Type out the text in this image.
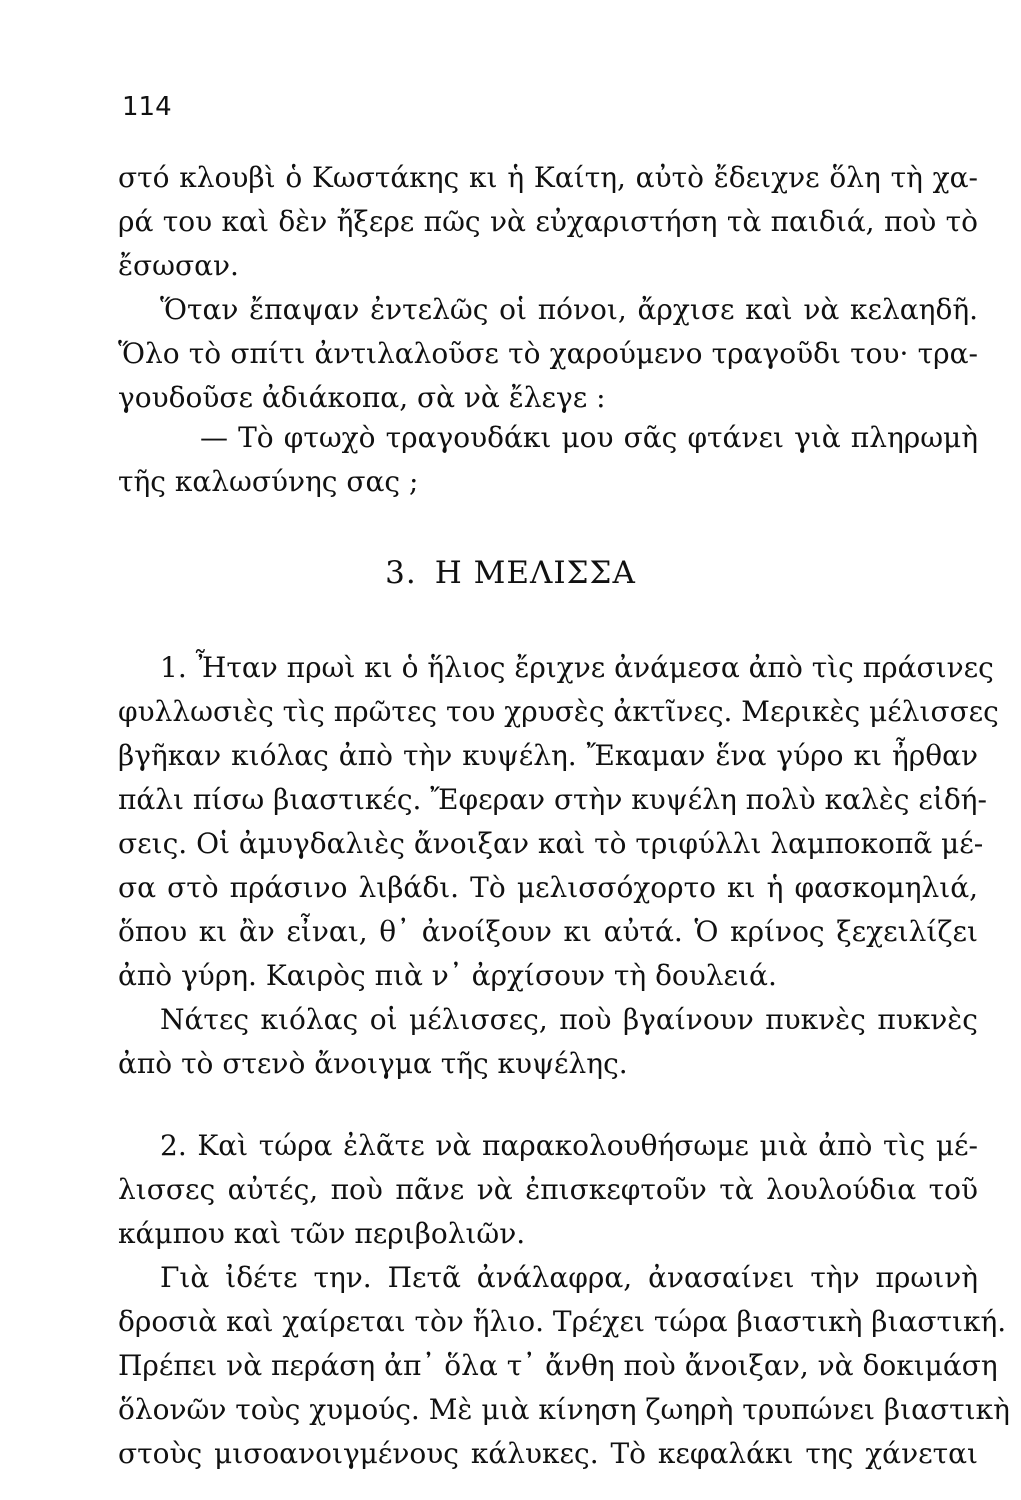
114
στό κλουβὶ ὁ Κωστάκης κι ἡ Καίτη, αὐτὸ ἔδειχνε ὅλη τὴ χα-
ρά του καὶ δὲν ἤξερε πῶς νὰ εὐχαριστήση τὰ παιδιά, ποὺ τὸ
ἔσωσαν.
Ὅταν ἔπαψαν ἐντελῶς οἱ πόνοι, ἄρχισε καὶ νὰ κελαηδῆ.
Ὅλο τὸ σπίτι ἀντιλαλοῦσε τὸ χαρούμενο τραγοῦδι του· τρα-
γουδοῦσε ἀδιάκοπα, σὰ νὰ ἔλεγε :
— Τὸ φτωχὸ τραγουδάκι μου σᾶς φτάνει γιὰ πληρωμὴ
τῆς καλωσύνης σας ;
3. Η ΜΕΛΙΣΣΑ
1. Ἦταν πρωὶ κι ὁ ἥλιος ἔριχνε ἀνάμεσα ἀπὸ τὶς πράσινες
φυλλωσιὲς τὶς πρῶτες του χρυσὲς ἀκτῖνες. Μερικὲς μέλισσες
βγῆκαν κιόλας ἀπὸ τὴν κυψέλη. Ἔκαμαν ἕνα γύρο κι ἦρθαν
πάλι πίσω βιαστικές. Ἔφεραν στὴν κυψέλη πολὺ καλὲς εἰδή-
σεις. Οἱ ἀμυγδαλιὲς ἄνοιξαν καὶ τὸ τριφύλλι λαμποκοπᾶ μέ-
σα στὸ πράσινο λιβάδι. Τὸ μελισσόχορτο κι ἡ φασκομηλιά,
ὅπου κι ἂν εἶναι, θ᾽ ἀνοίξουν κι αὐτά. Ὁ κρίνος ξεχειλίζει
ἀπὸ γύρη. Καιρὸς πιὰ ν᾽ ἀρχίσουν τὴ δουλειά.
Νάτες κιόλας οἱ μέλισσες, ποὺ βγαίνουν πυκνὲς πυκνὲς
ἀπὸ τὸ στενὸ ἄνοιγμα τῆς κυψέλης.
2. Καὶ τώρα ἐλᾶτε νὰ παρακολουθήσωμε μιὰ ἀπὸ τὶς μέ-
λισσες αὐτές, ποὺ πᾶνε νὰ ἐπισκεφτοῦν τὰ λουλούδια τοῦ
κάμπου καὶ τῶν περιβολιῶν.
Γιὰ ἰδέτε την. Πετᾶ ἀνάλαφρα, ἀνασαίνει τὴν πρωινὴ
δροσιὰ καὶ χαίρεται τὸν ἥλιο. Τρέχει τώρα βιαστικὴ βιαστική.
Πρέπει νὰ περάση ἀπ᾽ ὅλα τ᾽ ἄνθη ποὺ ἄνοιξαν, νὰ δοκιμάση
ὅλονῶν τοὺς χυμούς. Μὲ μιὰ κίνηση ζωηρὴ τρυπώνει βιαστικὴ
στοὺς μισοανοιγμένους κάλυκες. Τὸ κεφαλάκι της χάνεται
